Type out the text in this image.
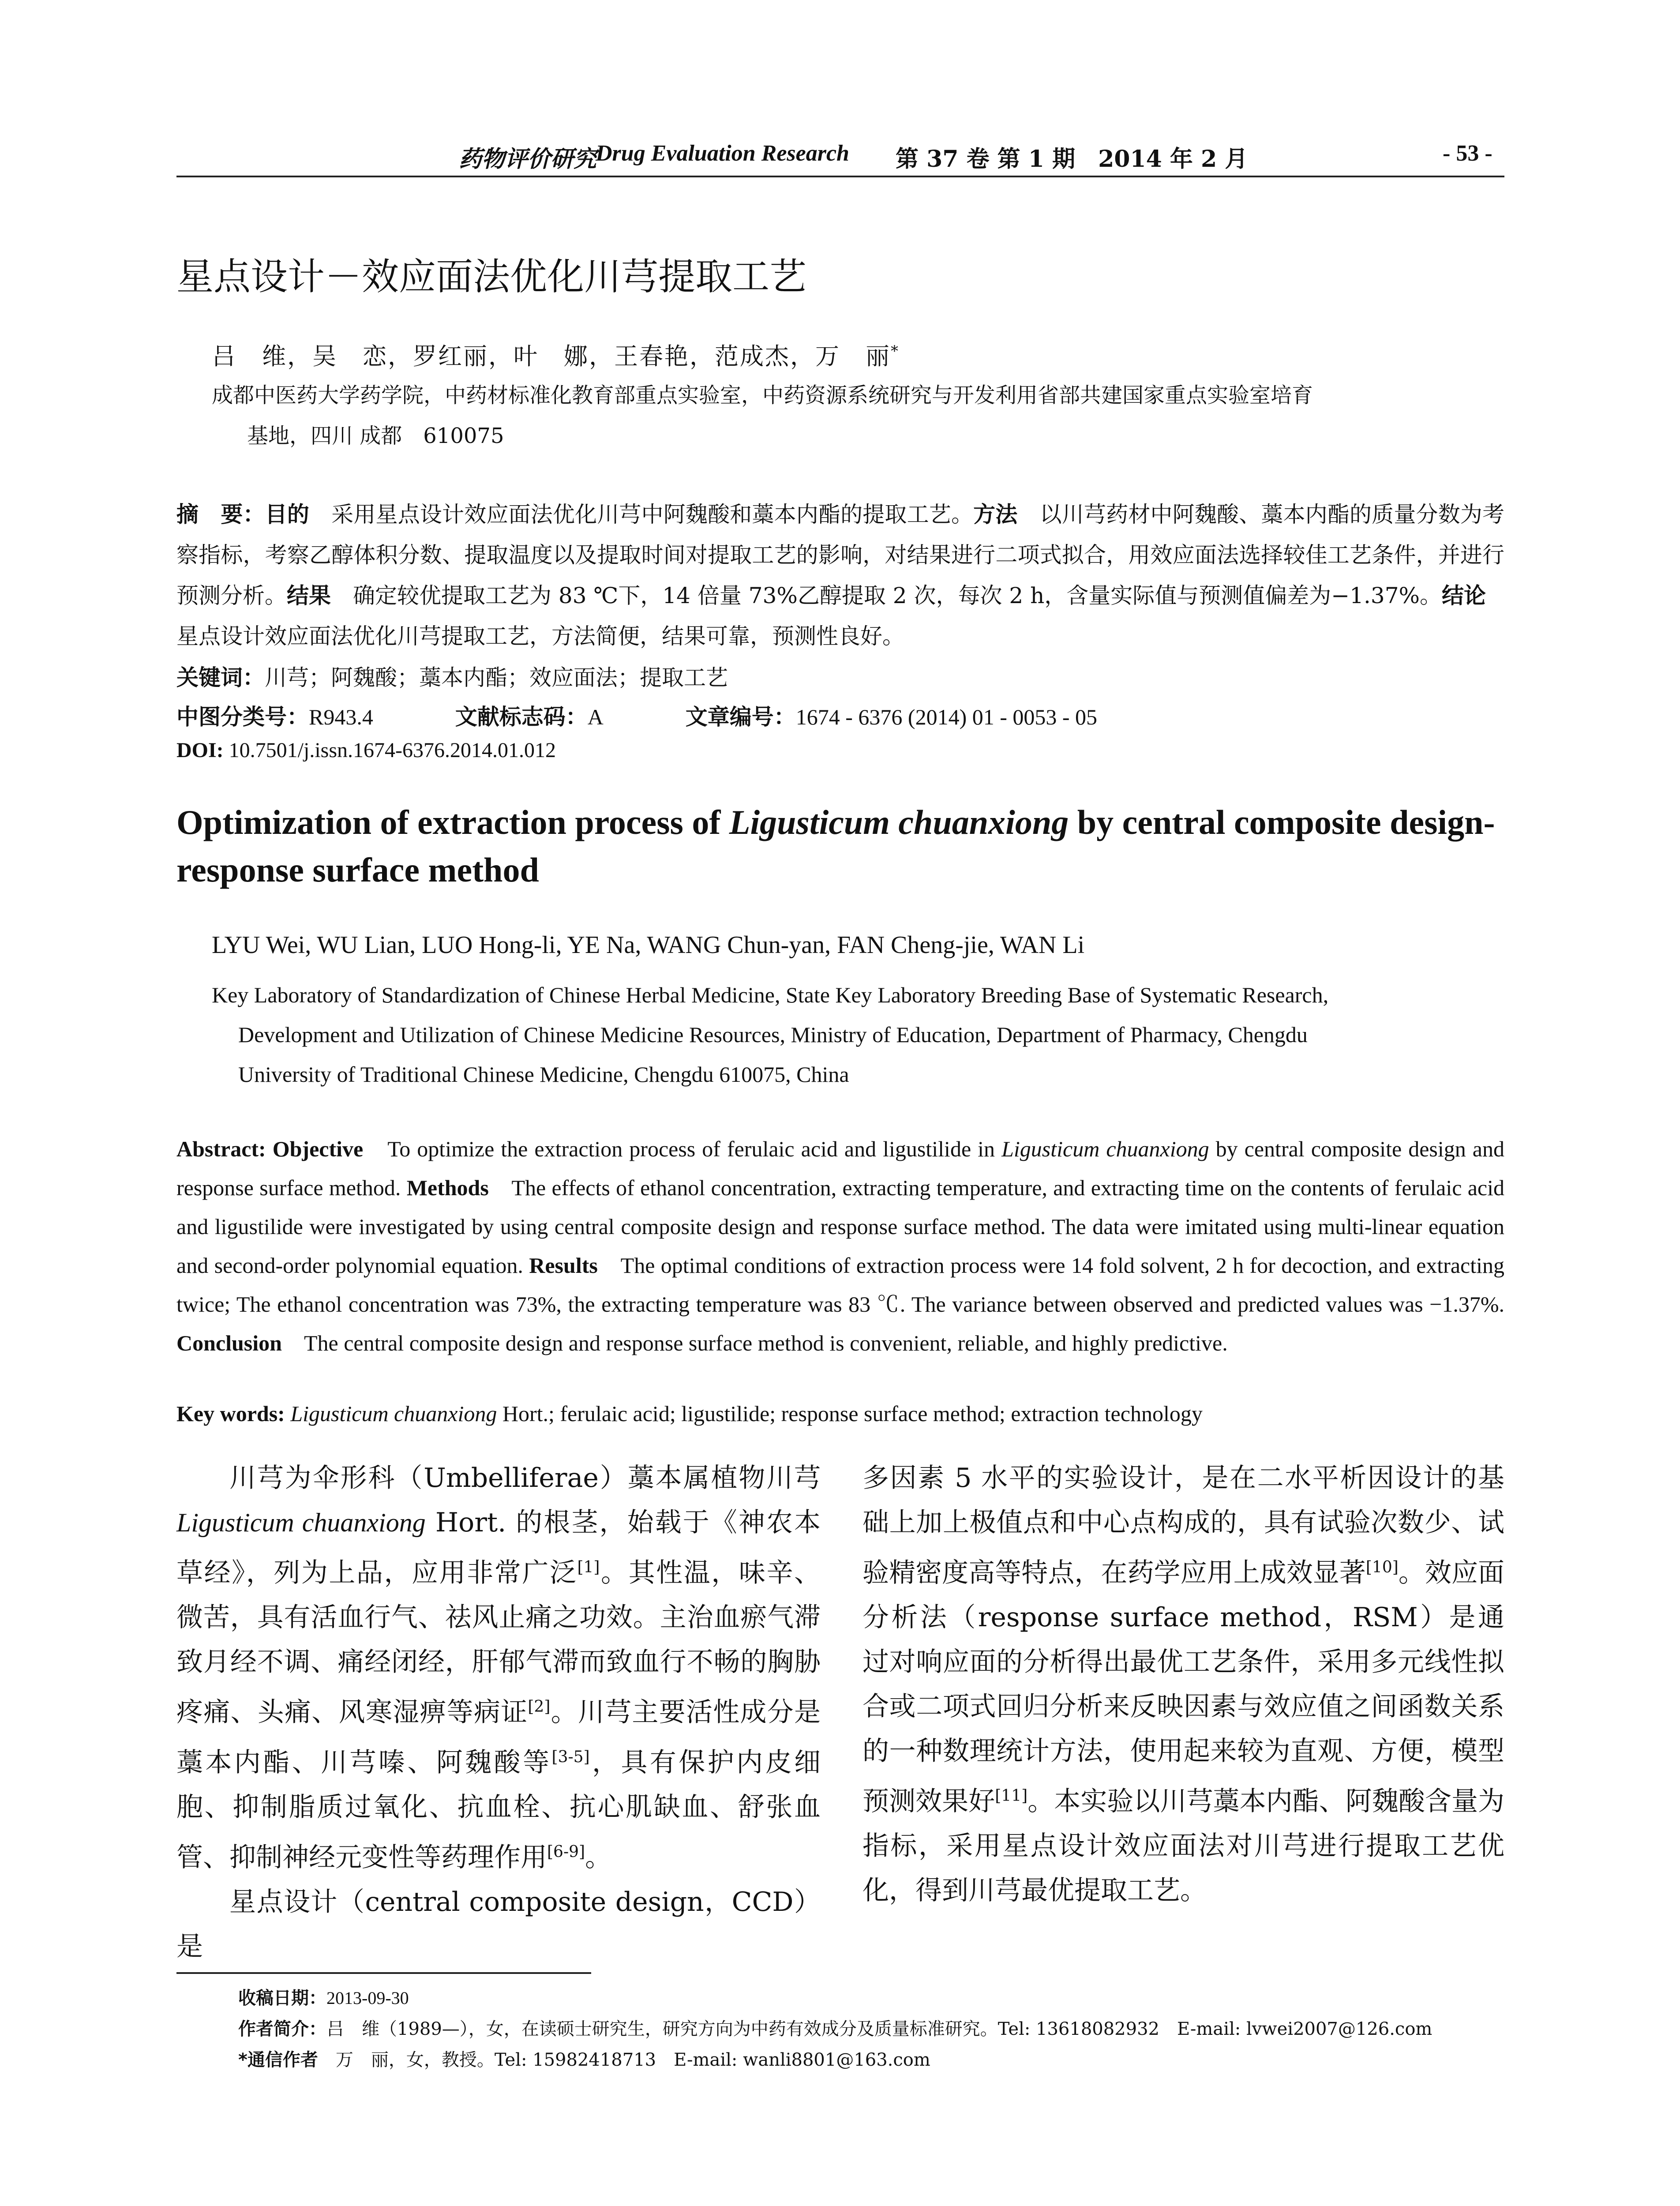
药物评价研究
Drug Evaluation Research 第 37 卷 第 1 期　2014 年 2 月	- 53 -
星点设计－效应面法优化川芎提取工艺
吕　维，吴　恋，罗红丽，叶　娜，王春艳，范成杰，万　丽*
成都中医药大学药学院，中药材标准化教育部重点实验室，中药资源系统研究与开发利用省部共建国家重点实验室培育
基地，四川 成都　610075
摘　要：目的　采用星点设计效应面法优化川芎中阿魏酸和藁本内酯的提取工艺。方法　以川芎药材中阿魏酸、藁本内酯的质量分数为考察指标，考察乙醇体积分数、提取温度以及提取时间对提取工艺的影响，对结果进行二项式拟合，用效应面法选择较佳工艺条件，并进行预测分析。结果　确定较优提取工艺为 83 ℃下，14 倍量 73%乙醇提取 2 次，每次 2 h，含量实际值与预测值偏差为−1.37%。结论　星点设计效应面法优化川芎提取工艺，方法简便，结果可靠，预测性良好。
关键词：川芎；阿魏酸；藁本内酯；效应面法；提取工艺
中图分类号：R943.4	文献标志码：A	文章编号：1674 - 6376 (2014) 01 - 0053 - 05
DOI: 10.7501/j.issn.1674-6376.2014.01.012
Optimization of extraction process of Ligusticum chuanxiong by central composite design-response surface method
LYU Wei, WU Lian, LUO Hong-li, YE Na, WANG Chun-yan, FAN Cheng-jie, WAN Li
Key Laboratory of Standardization of Chinese Herbal Medicine, State Key Laboratory Breeding Base of Systematic Research,
Development and Utilization of Chinese Medicine Resources, Ministry of Education, Department of Pharmacy, Chengdu
University of Traditional Chinese Medicine, Chengdu 610075, China
Abstract: Objective　To optimize the extraction process of ferulaic acid and ligustilide in Ligusticum chuanxiong by central composite design and response surface method. Methods　The effects of ethanol concentration, extracting temperature, and extracting time on the contents of ferulaic acid and ligustilide were investigated by using central composite design and response surface method. The data were imitated using multi-linear equation and second-order polynomial equation. Results　The optimal conditions of extraction process were 14 fold solvent, 2 h for decoction, and extracting twice; The ethanol concentration was 73%, the extracting temperature was 83 ℃. The variance between observed and predicted values was −1.37%. Conclusion　The central composite design and response surface method is convenient, reliable, and highly predictive.
Key words: Ligusticum chuanxiong Hort.; ferulaic acid; ligustilide; response surface method; extraction technology

川芎为伞形科（Umbelliferae）藁本属植物川芎 Ligusticum chuanxiong Hort. 的根茎，始载于《神农本草经》，列为上品，应用非常广泛[1]。其性温，味辛、微苦，具有活血行气、祛风止痛之功效。主治血瘀气滞致月经不调、痛经闭经，肝郁气滞而致血行不畅的胸胁疼痛、头痛、风寒湿痹等病证[2]。川芎主要活性成分是藁本内酯、川芎嗪、阿魏酸等[3-5]，具有保护内皮细胞、抑制脂质过氧化、抗血栓、抗心肌缺血、舒张血管、抑制神经元变性等药理作用[6-9]。

星点设计（central composite design，CCD）是

多因素 5 水平的实验设计，是在二水平析因设计的基础上加上极值点和中心点构成的，具有试验次数少、试验精密度高等特点，在药学应用上成效显著[10]。效应面分析法（response surface method，RSM）是通过对响应面的分析得出最优工艺条件，采用多元线性拟合或二项式回归分析来反映因素与效应值之间函数关系的一种数理统计方法，使用起来较为直观、方便，模型预测效果好[11]。本实验以川芎藁本内酯、阿魏酸含量为指标，采用星点设计效应面法对川芎进行提取工艺优化，得到川芎最优提取工艺。

收稿日期：2013-09-30
作者简介：吕　维（1989—），女，在读硕士研究生，研究方向为中药有效成分及质量标准研究。Tel: 13618082932　E-mail: lvwei2007@126.com
*通信作者　万　丽，女，教授。Tel: 15982418713　E-mail: wanli8801@163.com
